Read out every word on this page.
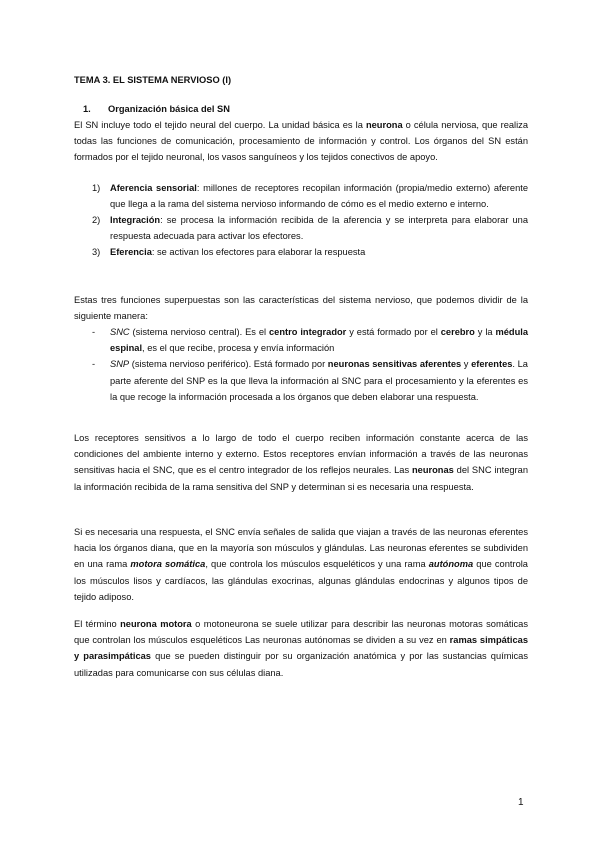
TEMA 3. EL SISTEMA NERVIOSO (I)
1. Organización básica del SN

El SN incluye todo el tejido neural del cuerpo. La unidad básica es la neurona o célula nerviosa, que realiza todas las funciones de comunicación, procesamiento de información y control. Los órganos del SN están formados por el tejido neuronal, los vasos sanguíneos y los tejidos conectivos de apoyo.

1) Aferencia sensorial: millones de receptores recopilan información (propia/medio externo) aferente que llega a la rama del sistema nervioso informando de cómo es el medio externo e interno.
2) Integración: se procesa la información recibida de la aferencia y se interpreta para elaborar una respuesta adecuada para activar los efectores.
3) Eferencia: se activan los efectores para elaborar la respuesta

Estas tres funciones superpuestas son las características del sistema nervioso, que podemos dividir de la siguiente manera:

- SNC (sistema nervioso central). Es el centro integrador y está formado por el cerebro y la médula espinal, es el que recibe, procesa y envía información
- SNP (sistema nervioso periférico). Está formado por neuronas sensitivas aferentes y eferentes. La parte aferente del SNP es la que lleva la información al SNC para el procesamiento y la eferentes es la que recoge la información procesada a los órganos que deben elaborar una respuesta.

Los receptores sensitivos a lo largo de todo el cuerpo reciben información constante acerca de las condiciones del ambiente interno y externo. Estos receptores envían información a través de las neuronas sensitivas hacia el SNC, que es el centro integrador de los reflejos neurales. Las neuronas del SNC integran la información recibida de la rama sensitiva del SNP y determinan si es necesaria una respuesta.

Si es necesaria una respuesta, el SNC envía señales de salida que viajan a través de las neuronas eferentes hacia los órganos diana, que en la mayoría son músculos y glándulas. Las neuronas eferentes se subdividen en una rama motora somática, que controla los músculos esqueléticos y una rama autónoma que controla los músculos lisos y cardíacos, las glándulas exocrinas, algunas glándulas endocrinas y algunos tipos de tejido adiposo.

El término neurona motora o motoneurona se suele utilizar para describir las neuronas motoras somáticas que controlan los músculos esqueléticos Las neuronas autónomas se dividen a su vez en ramas simpáticas y parasimpáticas que se pueden distinguir por su organización anatómica y por las sustancias químicas utilizadas para comunicarse con sus células diana.

1
